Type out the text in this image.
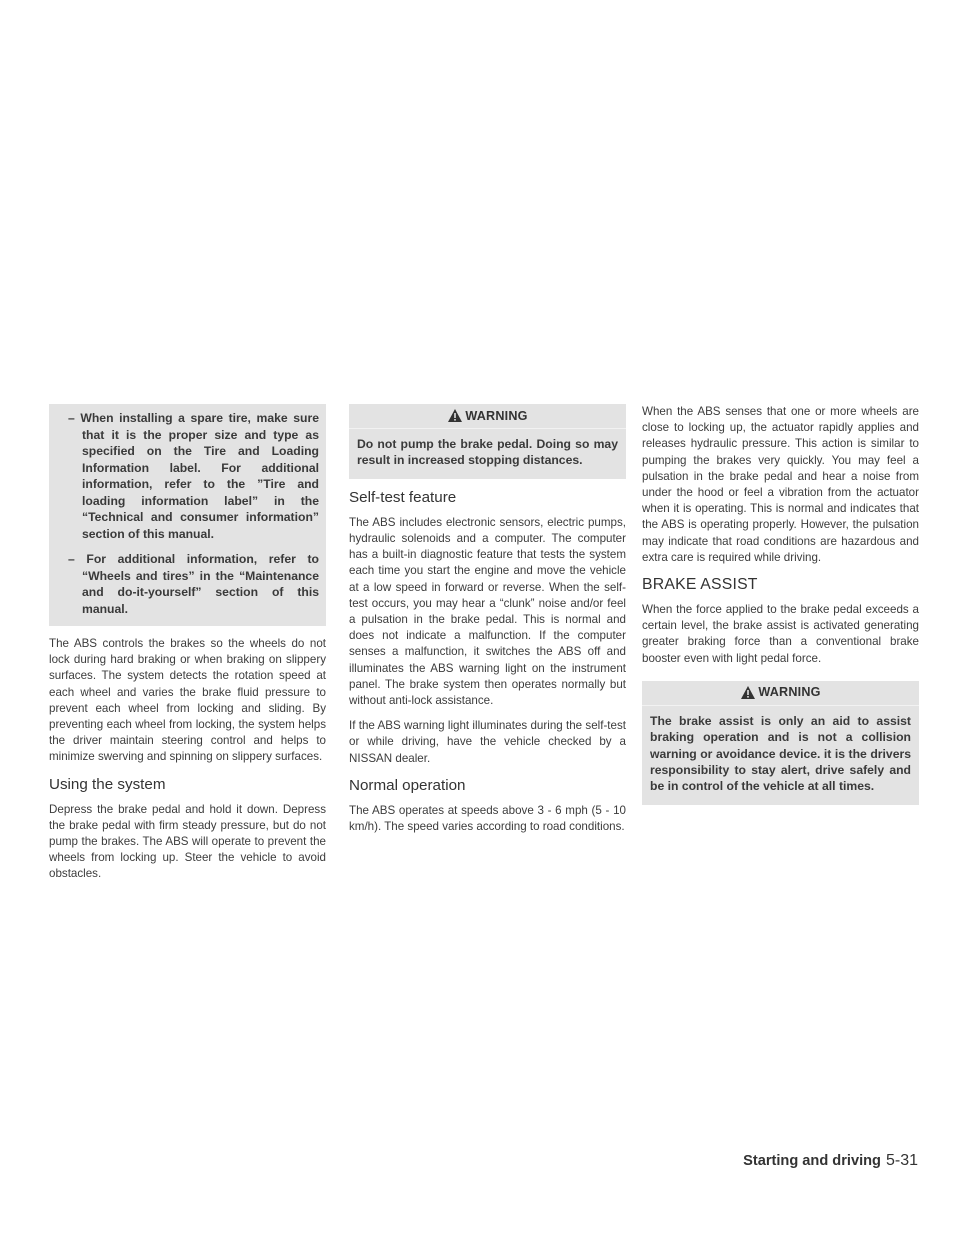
– When installing a spare tire, make sure that it is the proper size and type as specified on the Tire and Loading Information label. For additional information, refer to the ”Tire and loading information label” in the “Technical and consumer information” section of this manual.
– For additional information, refer to “Wheels and tires” in the “Maintenance and do-it-yourself” section of this manual.

The ABS controls the brakes so the wheels do not lock during hard braking or when braking on slippery surfaces. The system detects the rotation speed at each wheel and varies the brake fluid pressure to prevent each wheel from locking and sliding. By preventing each wheel from locking, the system helps the driver maintain steering control and helps to minimize swerving and spinning on slippery surfaces.

Using the system

Depress the brake pedal and hold it down. Depress the brake pedal with firm steady pressure, but do not pump the brakes. The ABS will operate to prevent the wheels from locking up. Steer the vehicle to avoid obstacles.

WARNING
Do not pump the brake pedal. Doing so may result in increased stopping distances.
Self-test feature

The ABS includes electronic sensors, electric pumps, hydraulic solenoids and a computer. The computer has a built-in diagnostic feature that tests the system each time you start the engine and move the vehicle at a low speed in forward or reverse. When the self-test occurs, you may hear a “clunk” noise and/or feel a pulsation in the brake pedal. This is normal and does not indicate a malfunction. If the computer senses a malfunction, it switches the ABS off and illuminates the ABS warning light on the instrument panel. The brake system then operates normally but without anti-lock assistance.

If the ABS warning light illuminates during the self-test or while driving, have the vehicle checked by a NISSAN dealer.

Normal operation

The ABS operates at speeds above 3 - 6 mph (5 - 10 km/h). The speed varies according to road conditions.

When the ABS senses that one or more wheels are close to locking up, the actuator rapidly applies and releases hydraulic pressure. This action is similar to pumping the brakes very quickly. You may feel a pulsation in the brake pedal and hear a noise from under the hood or feel a vibration from the actuator when it is operating. This is normal and indicates that the ABS is operating properly. However, the pulsation may indicate that road conditions are hazardous and extra care is required while driving.

BRAKE ASSIST

When the force applied to the brake pedal exceeds a certain level, the brake assist is activated generating greater braking force than a conventional brake booster even with light pedal force.

WARNING
The brake assist is only an aid to assist braking operation and is not a collision warning or avoidance device. it is the drivers responsibility to stay alert, drive safely and be in control of the vehicle at all times.
Starting and driving 5-31
